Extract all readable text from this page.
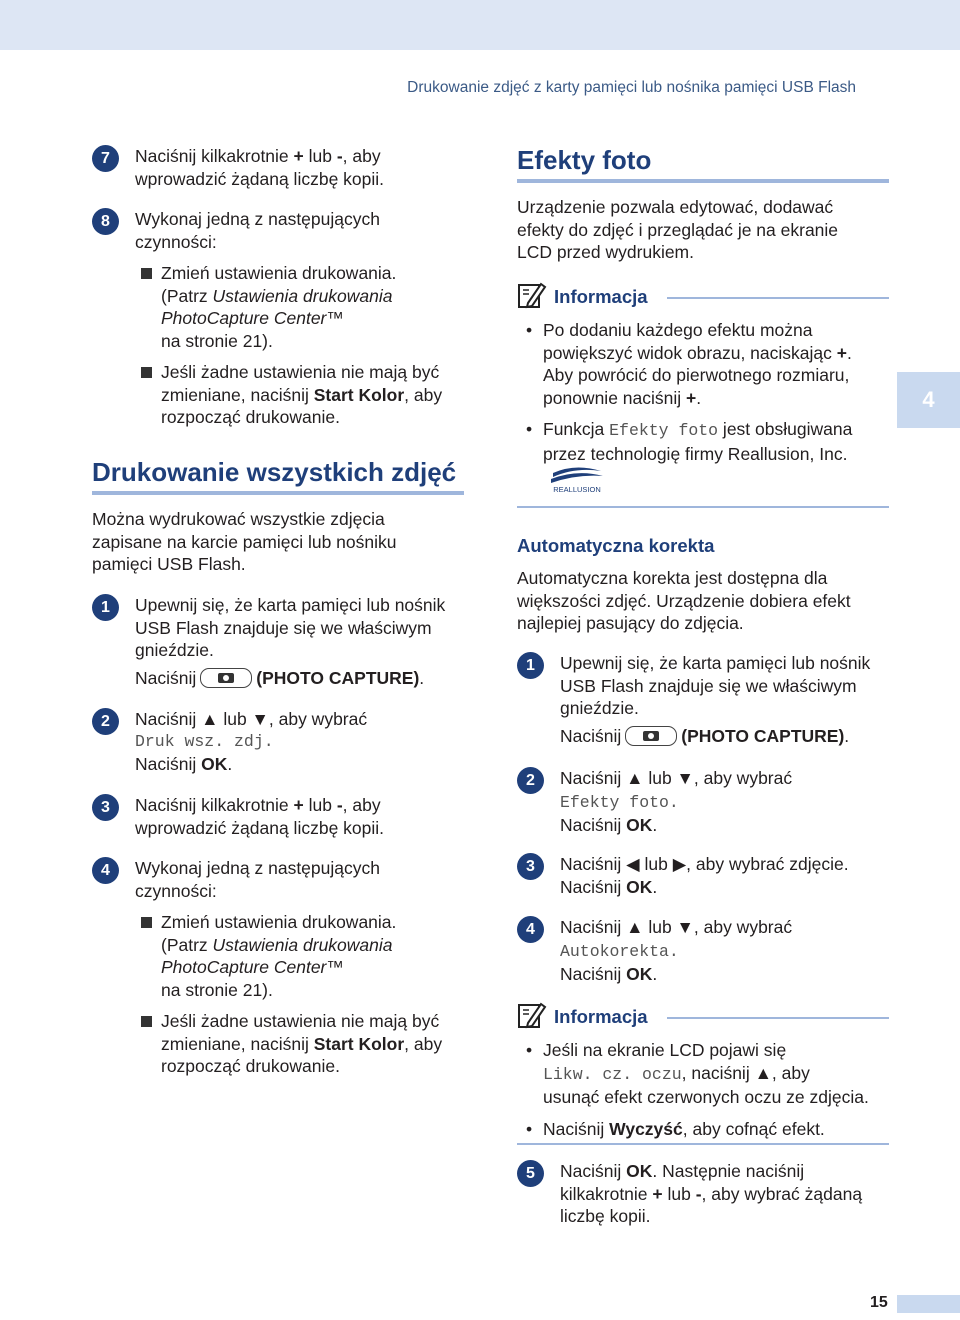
Drukowanie zdjęć z karty pamięci lub nośnika pamięci USB Flash
7	Naciśnij kilkakrotnie + lub -, aby
wprowadzić żądaną liczbę kopii.
8	Wykonaj jedną z następujących
czynności:
Zmień ustawienia drukowania.
(Patrz Ustawienia drukowania
PhotoCapture Center™
na stronie 21).
Jeśli żadne ustawienia nie mają być
zmieniane, naciśnij Start Kolor, aby
rozpocząć drukowanie.
Drukowanie wszystkich zdjęć
Można wydrukować wszystkie zdjęcia
zapisane na karcie pamięci lub nośniku
pamięci USB Flash.
1	Upewnij się, że karta pamięci lub nośnik
USB Flash znajduje się we właściwym
gnieździe.
Naciśnij	(PHOTO CAPTURE).
2	Naciśnij ▲ lub ▼, aby wybrać
Druk wsz. zdj.
Naciśnij OK.
3	Naciśnij kilkakrotnie + lub -, aby
wprowadzić żądaną liczbę kopii.
4	Wykonaj jedną z następujących
czynności:
Zmień ustawienia drukowania.
(Patrz Ustawienia drukowania
PhotoCapture Center™
na stronie 21).
Jeśli żadne ustawienia nie mają być
zmieniane, naciśnij Start Kolor, aby
rozpocząć drukowanie.
Efekty foto
Urządzenie pozwala edytować, dodawać
efekty do zdjęć i przeglądać je na ekranie
LCD przed wydrukiem.
Informacja
• Po dodaniu każdego efektu można
powiększyć widok obrazu, naciskając +.
Aby powrócić do pierwotnego rozmiaru,
ponownie naciśnij +.
• Funkcja Efekty foto jest obsługiwana
przez technologię firmy Reallusion, Inc.
REALLUSION
Automatyczna korekta
Automatyczna korekta jest dostępna dla
większości zdjęć. Urządzenie dobiera efekt
najlepiej pasujący do zdjęcia.
1	Upewnij się, że karta pamięci lub nośnik
USB Flash znajduje się we właściwym
gnieździe.
Naciśnij	(PHOTO CAPTURE).
2	Naciśnij ▲ lub ▼, aby wybrać
Efekty foto.
Naciśnij OK.
3	Naciśnij ◀ lub ▶, aby wybrać zdjęcie.
Naciśnij OK.
4	Naciśnij ▲ lub ▼, aby wybrać
Autokorekta.
Naciśnij OK.
Informacja
• Jeśli na ekranie LCD pojawi się
Likw. cz. oczu, naciśnij ▲, aby
usunąć efekt czerwonych oczu ze zdjęcia.
• Naciśnij Wyczyść, aby cofnąć efekt.
5	Naciśnij OK. Następnie naciśnij
kilkakrotnie + lub -, aby wybrać żądaną
liczbę kopii.
4
15
